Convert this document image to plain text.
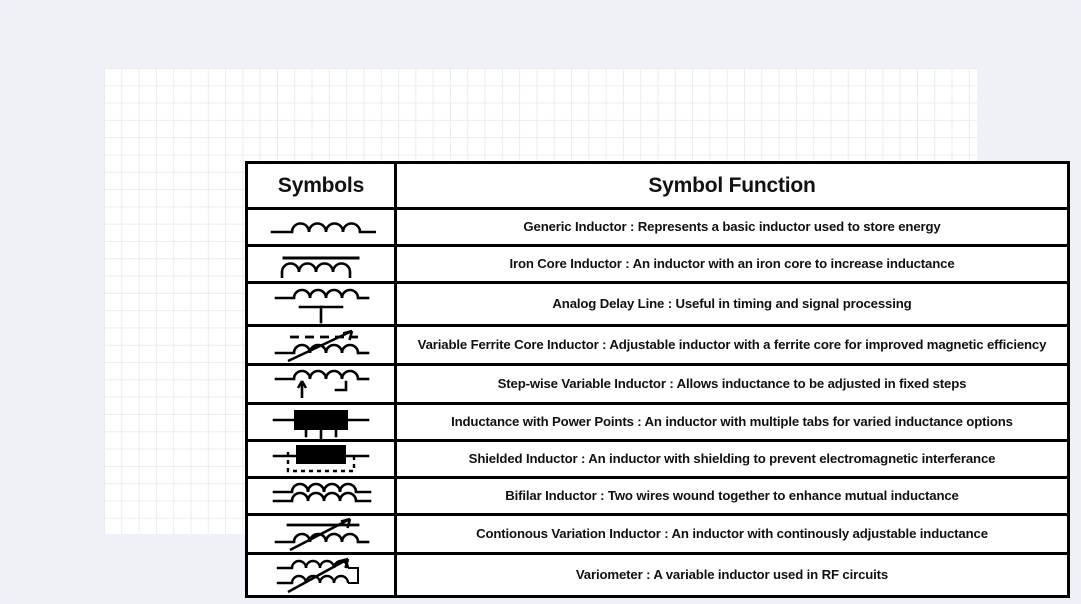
Symbols	Symbol Function

	Generic Inductor : Represents a basic inductor used to store energy

	Iron Core Inductor : An inductor with an iron core to increase inductance

	Analog Delay Line : Useful in timing and signal processing

	Variable Ferrite Core Inductor : Adjustable inductor with a ferrite core for improved magnetic efficiency

	Step-wise Variable Inductor : Allows inductance to be adjusted in fixed steps

	Inductance with Power Points : An inductor with multiple tabs for varied inductance options

	Shielded Inductor : An inductor with shielding to prevent electromagnetic interferance

	Bifilar Inductor : Two wires wound together to enhance mutual inductance

	Contionous Variation Inductor : An inductor with continously adjustable inductance

	Variometer : A variable inductor used in RF circuits
